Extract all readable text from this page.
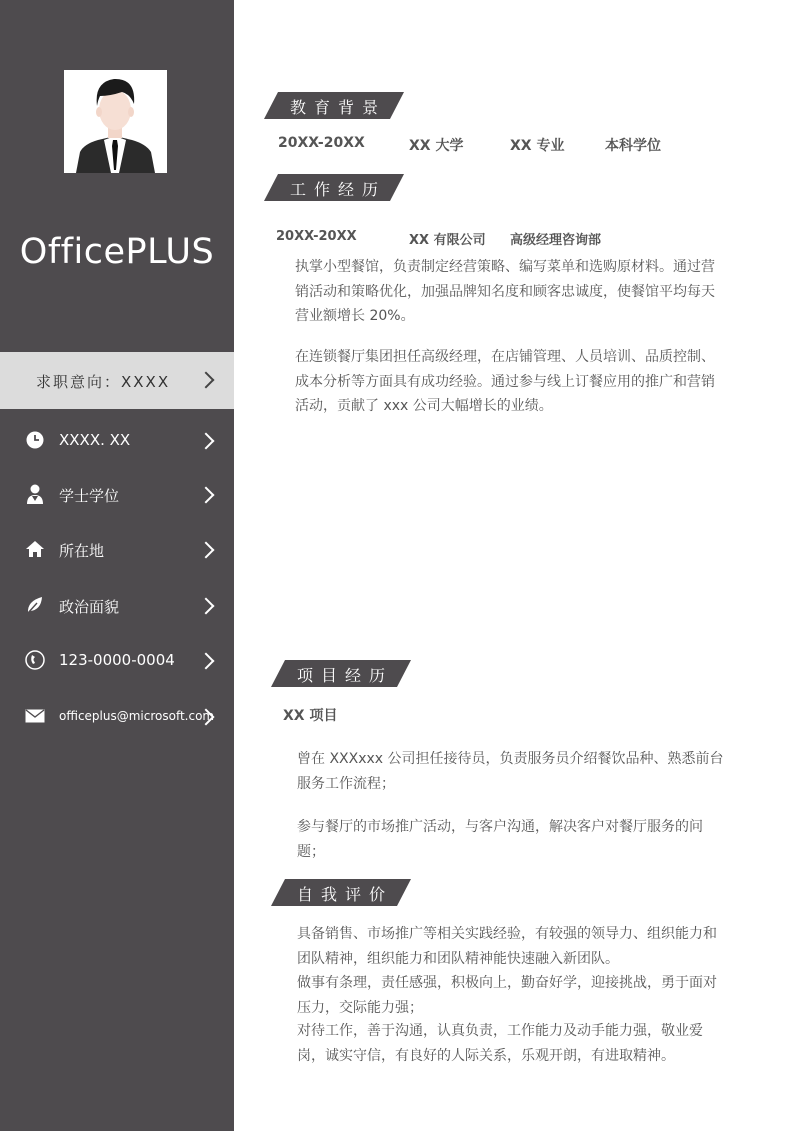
OfficePLUS
求职意向：XXXX
XXXX. XX
学士学位
所在地
政治面貌
123-0000-0004
officeplus@microsoft.com
教育背景
20XX-20XX	XX 大学	XX 专业	本科学位
工作经历
20XX-20XX	XX 有限公司 高级经理咨询部
执掌小型餐馆，负责制定经营策略、编写菜单和选购原材料。通过营销活动和策略优化，加强品牌知名度和顾客忠诚度，使餐馆平均每天营业额增长 20%。
在连锁餐厅集团担任高级经理，在店铺管理、人员培训、品质控制、成本分析等方面具有成功经验。通过参与线上订餐应用的推广和营销活动，贡献了 xxx 公司大幅增长的业绩。
项目经历
XX 项目
曾在 XXXxxx 公司担任接待员，负责服务员介绍餐饮品种、熟悉前台服务工作流程；
参与餐厅的市场推广活动，与客户沟通，解决客户对餐厅服务的问题；
自我评价
具备销售、市场推广等相关实践经验，有较强的领导力、组织能力和团队精神，组织能力和团队精神能快速融入新团队。
做事有条理，责任感强，积极向上，勤奋好学，迎接挑战，勇于面对压力，交际能力强；
对待工作，善于沟通，认真负责，工作能力及动手能力强，敬业爱岗，诚实守信，有良好的人际关系，乐观开朗，有进取精神。
